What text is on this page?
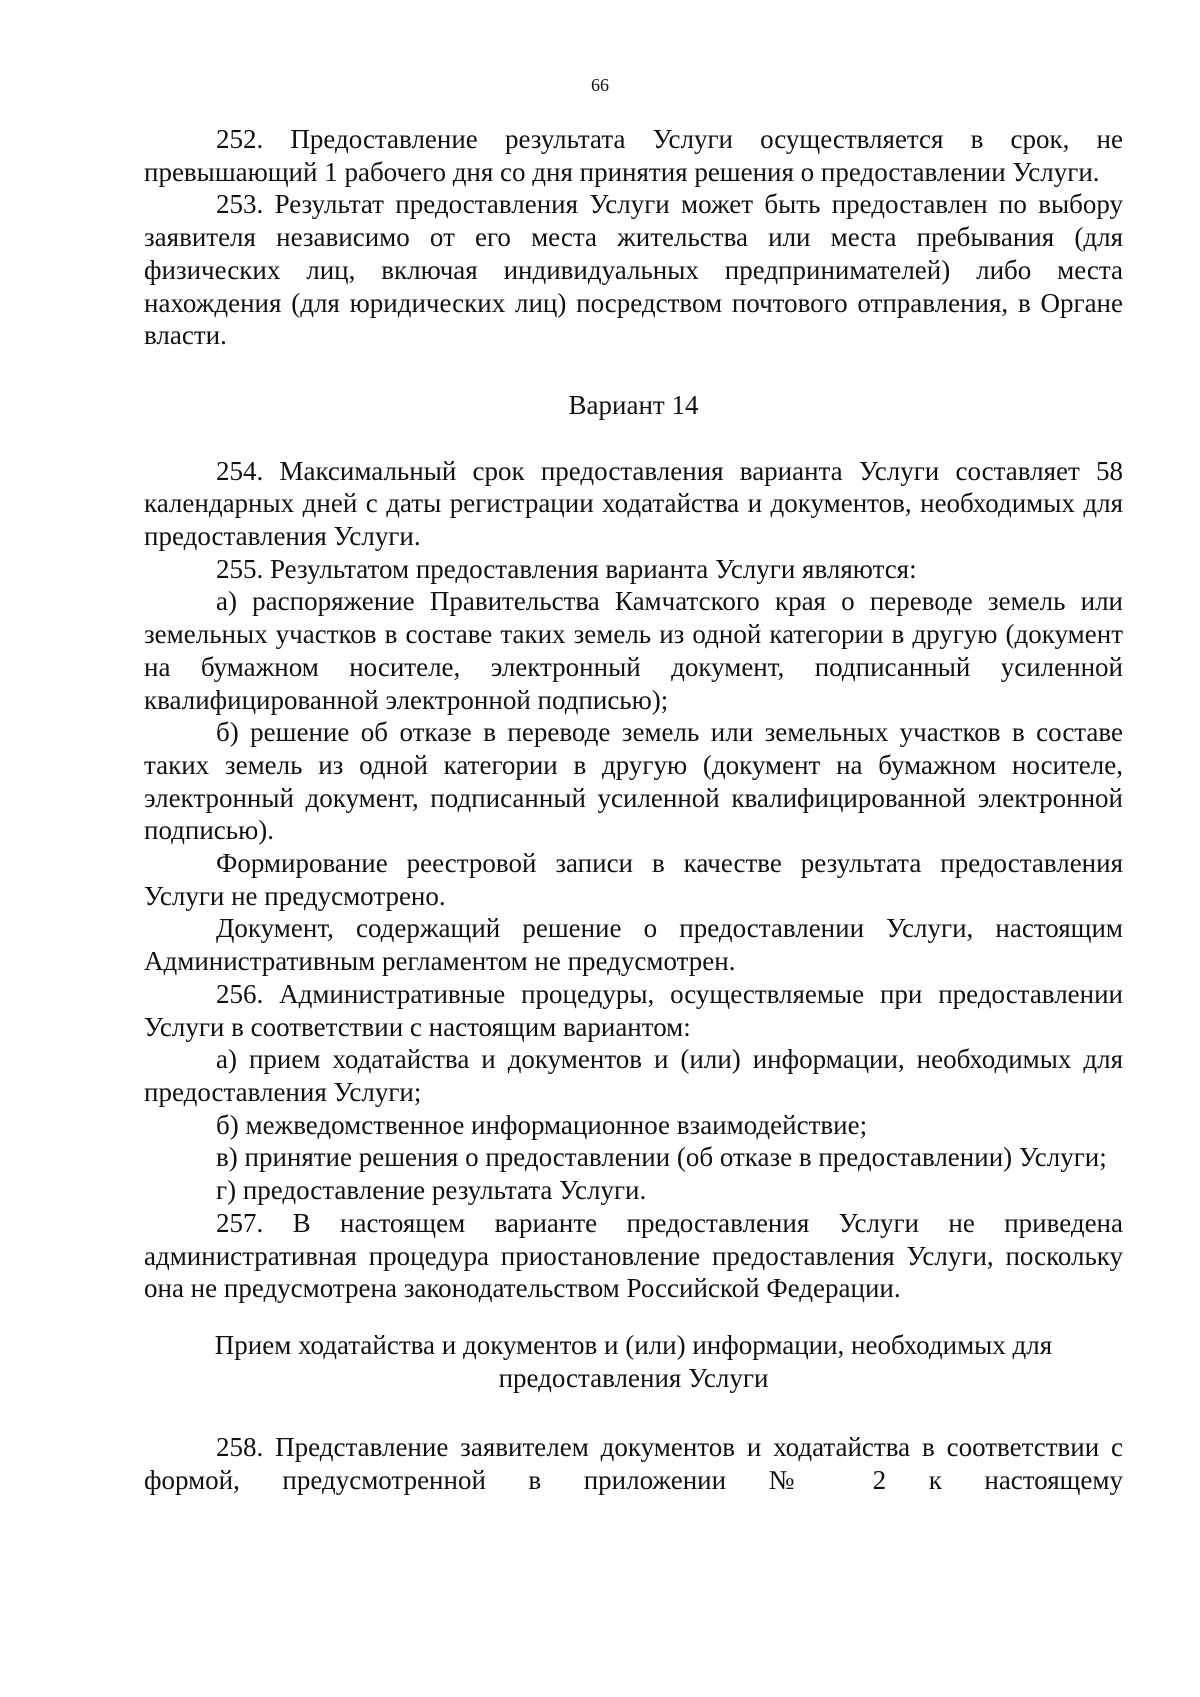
66

252. Предоставление результата Услуги осуществляется в срок, не превышающий 1 рабочего дня со дня принятия решения о предоставлении Услуги.

253. Результат предоставления Услуги может быть предоставлен по выбору заявителя независимо от его места жительства или места пребывания (для физических лиц, включая индивидуальных предпринимателей) либо места нахождения (для юридических лиц) посредством почтового отправления, в Органе власти.

Вариант 14

254. Максимальный срок предоставления варианта Услуги составляет 58 календарных дней с даты регистрации ходатайства и документов, необходимых для предоставления Услуги.

255. Результатом предоставления варианта Услуги являются:

а) распоряжение Правительства Камчатского края о переводе земель или земельных участков в составе таких земель из одной категории в другую (документ на бумажном носителе, электронный документ, подписанный усиленной квалифицированной электронной подписью);

б) решение об отказе в переводе земель или земельных участков в составе таких земель из одной категории в другую (документ на бумажном носителе, электронный документ, подписанный усиленной квалифицированной электронной подписью).

Формирование реестровой записи в качестве результата предоставления Услуги не предусмотрено.

Документ, содержащий решение о предоставлении Услуги, настоящим Административным регламентом не предусмотрен.

256. Административные процедуры, осуществляемые при предоставлении Услуги в соответствии с настоящим вариантом:

а) прием ходатайства и документов и (или) информации, необходимых для предоставления Услуги;

б) межведомственное информационное взаимодействие;

в) принятие решения о предоставлении (об отказе в предоставлении) Услуги;

г) предоставление результата Услуги.

257. В настоящем варианте предоставления Услуги не приведена административная процедура приостановление предоставления Услуги, поскольку она не предусмотрена законодательством Российской Федерации.

Прием ходатайства и документов и (или) информации, необходимых для
предоставления Услуги

258. Представление заявителем документов и ходатайства в соответствии с формой, предусмотренной в приложении № 2 к настоящему
